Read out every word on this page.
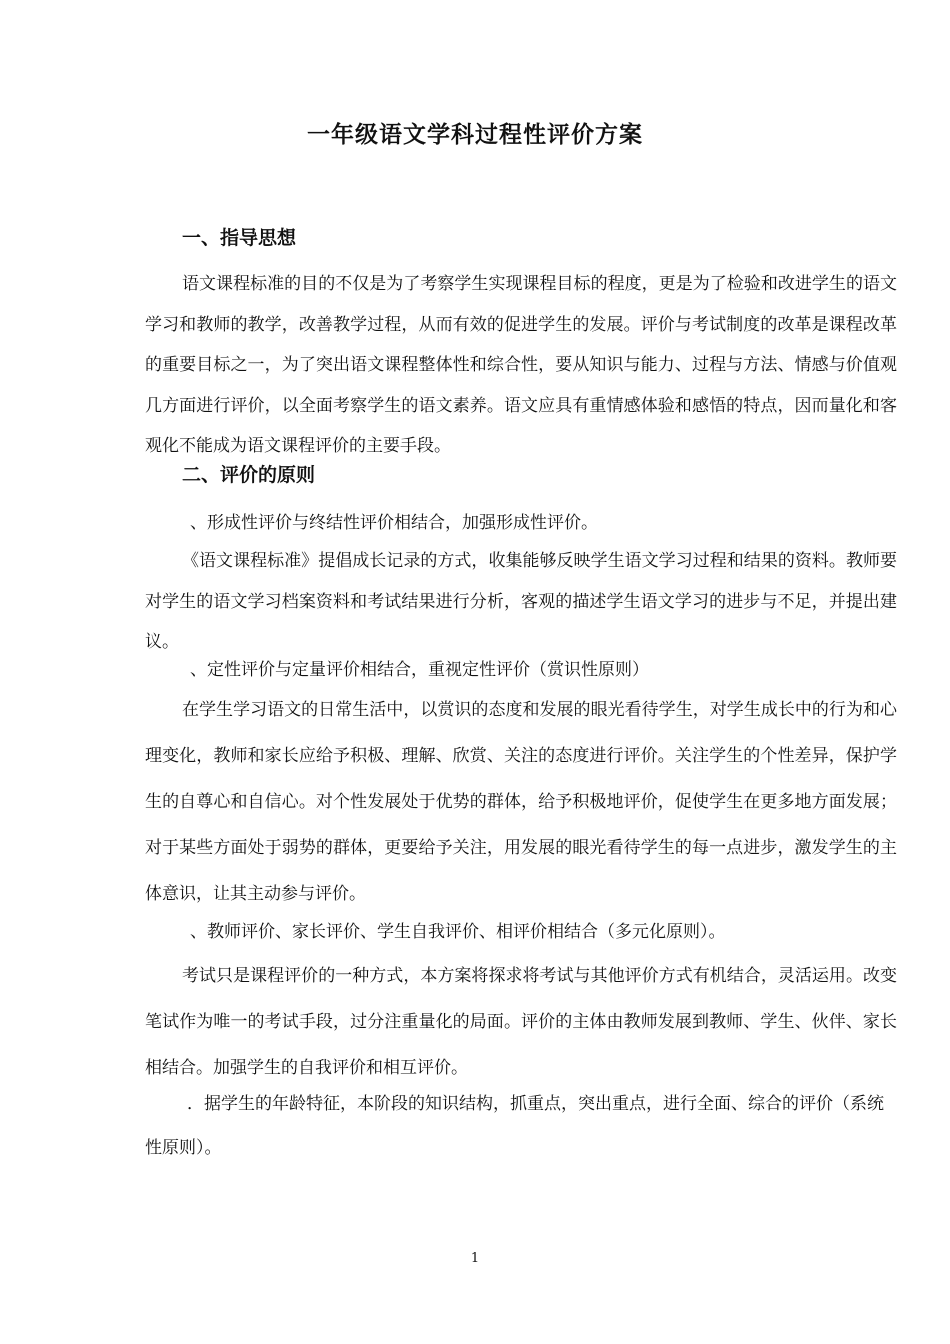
一年级语文学科过程性评价方案
一、指导思想

语文课程标准的目的不仅是为了考察学生实现课程目标的程度，更是为了检验和改进学生的语文学习和教师的教学，改善教学过程，从而有效的促进学生的发展。评价与考试制度的改革是课程改革的重要目标之一，为了突出语文课程整体性和综合性，要从知识与能力、过程与方法、情感与价值观几方面进行评价，以全面考察学生的语文素养。语文应具有重情感体验和感悟的特点，因而量化和客观化不能成为语文课程评价的主要手段。

二、评价的原则

、形成性评价与终结性评价相结合，加强形成性评价。

《语文课程标准》提倡成长记录的方式，收集能够反映学生语文学习过程和结果的资料。教师要对学生的语文学习档案资料和考试结果进行分析，客观的描述学生语文学习的进步与不足，并提出建议。

、定性评价与定量评价相结合，重视定性评价（赏识性原则）

在学生学习语文的日常生活中，以赏识的态度和发展的眼光看待学生，对学生成长中的行为和心理变化，教师和家长应给予积极、理解、欣赏、关注的态度进行评价。关注学生的个性差异，保护学生的自尊心和自信心。对个性发展处于优势的群体，给予积极地评价，促使学生在更多地方面发展；对于某些方面处于弱势的群体，更要给予关注，用发展的眼光看待学生的每一点进步，激发学生的主体意识，让其主动参与评价。

、教师评价、家长评价、学生自我评价、相评价相结合（多元化原则）。

考试只是课程评价的一种方式，本方案将探求将考试与其他评价方式有机结合，灵活运用。改变笔试作为唯一的考试手段，过分注重量化的局面。评价的主体由教师发展到教师、学生、伙伴、家长相结合。加强学生的自我评价和相互评价。

．据学生的年龄特征，本阶段的知识结构，抓重点，突出重点，进行全面、综合的评价（系统性原则）。

1
